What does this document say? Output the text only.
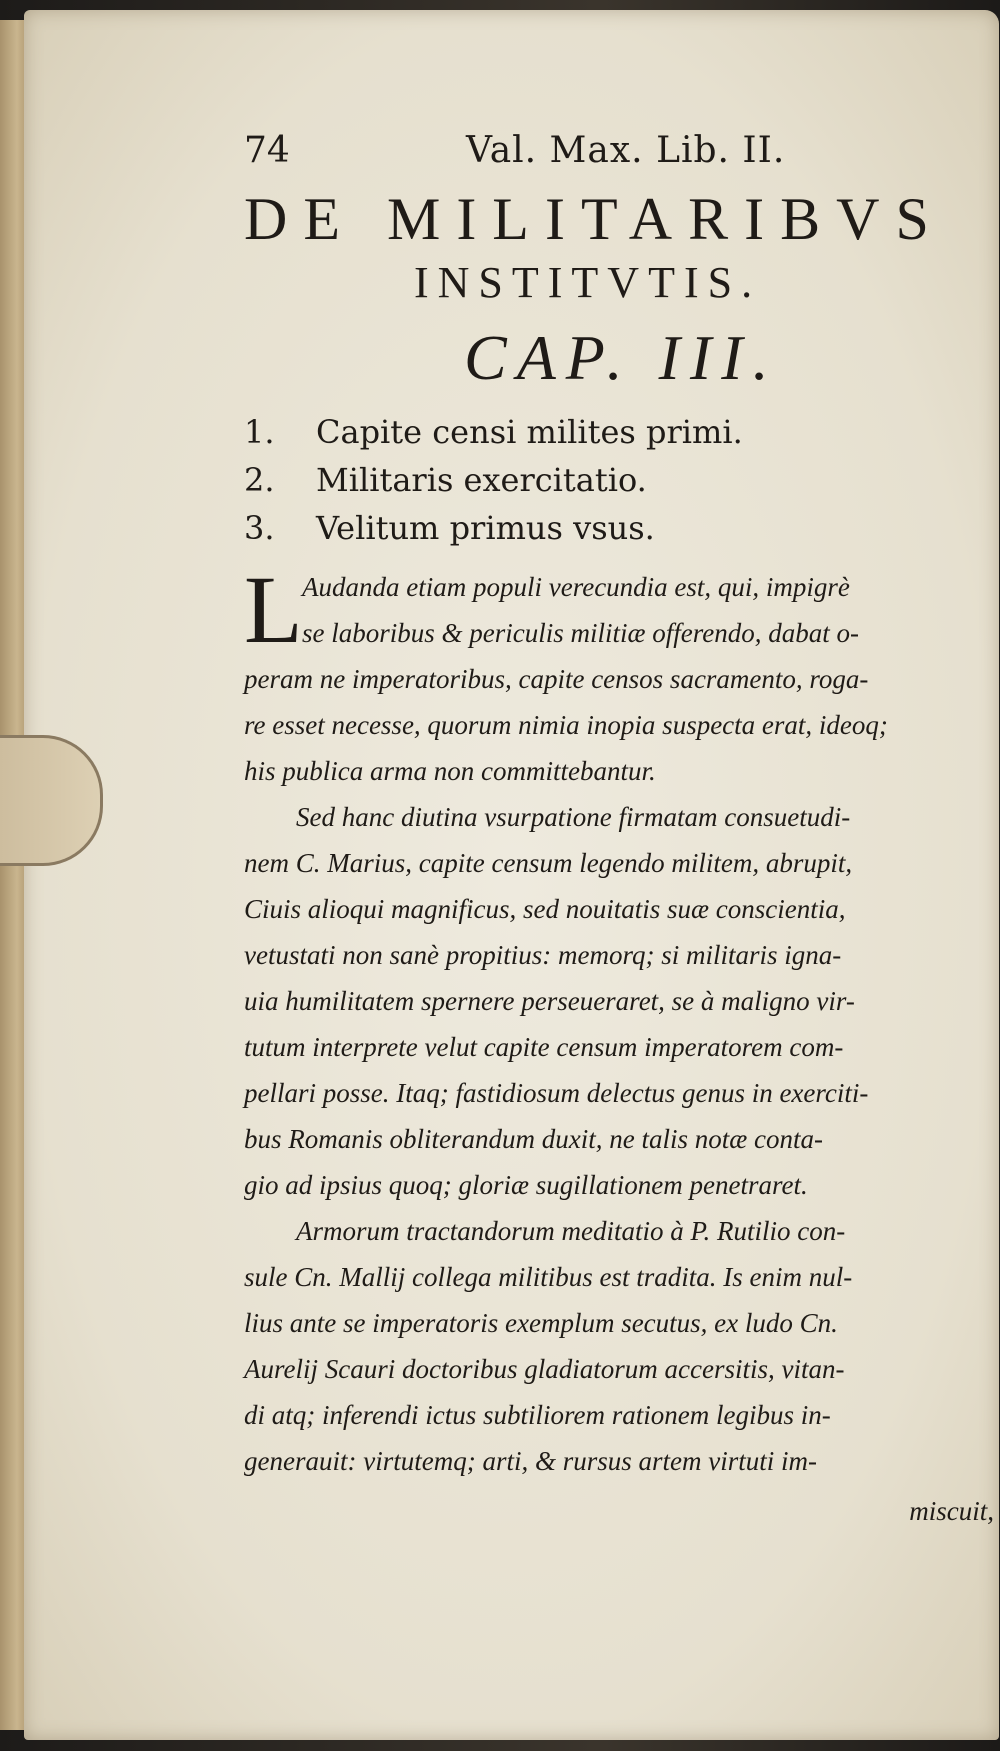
74	Val. Max. Lib. II.
DE MILITARIBVS
INSTITVTIS.
CAP. III.
1.	Capite censi milites primi.
2.	Militaris exercitatio.
3.	Velitum primus vsus.
L Audanda etiam populi verecundia est, qui, impigrè
se laboribus & periculis militiæ offerendo, dabat o-
peram ne imperatoribus, capite censos sacramento, roga-
re esset necesse, quorum nimia inopia suspecta erat, ideoq;
his publica arma non committebantur.
Sed hanc diutina vsurpatione firmatam consuetudi-
nem C. Marius, capite censum legendo militem, abrupit,
Ciuis alioqui magnificus, sed nouitatis suæ conscientia,
vetustati non sanè propitius: memorq; si militaris igna-
uia humilitatem spernere perseueraret, se à maligno vir-
tutum interprete velut capite censum imperatorem com-
pellari posse. Itaq; fastidiosum delectus genus in exerciti-
bus Romanis obliterandum duxit, ne talis notæ conta-
gio ad ipsius quoq; gloriæ sugillationem penetraret.
Armorum tractandorum meditatio à P. Rutilio con-
sule Cn. Mallij collega militibus est tradita. Is enim nul-
lius ante se imperatoris exemplum secutus, ex ludo Cn.
Aurelij Scauri doctoribus gladiatorum accersitis, vitan-
di atq; inferendi ictus subtiliorem rationem legibus in-
generauit: virtutemq; arti, & rursus artem virtuti im-
miscuit,
